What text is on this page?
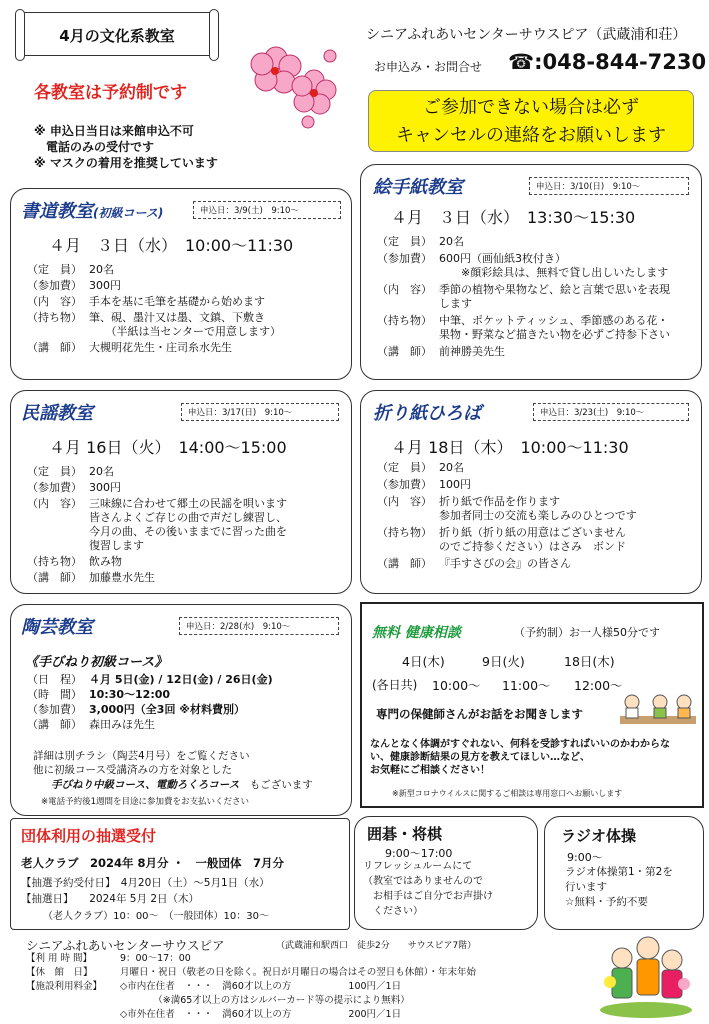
4月の文化系教室	シニアふれあいセンターサウスピア（武蔵浦和荘）
お申込み・お問合せ ☎:048-844-7230
各教室は予約制です
※ 申込日当日は来館申込不可
　電話のみの受付です
※ マスクの着用を推奨しています
ご参加できない場合は必ず
キャンセルの連絡をお願いします
書道教室(初級コース)	申込日：3/9(土)　9:10～
４月　３日（水）　10:00～11:30
（定　員） 20名
（参加費） 300円
（内　容） 手本を基に毛筆を基礎から始めます
（持ち物） 筆、硯、墨汁又は墨、文鎮、下敷き
　　（半紙は当センターで用意します）
（講　師） 大槻明花先生・庄司糸水先生
絵手紙教室	申込日：3/10(日)　9:10～
４月　３日（水）　13:30～15:30
（定　員） 20名
（参加費） 600円（画仙紙3枚付き）
　　※顔彩絵具は、無料で貸し出しいたします
（内　容） 季節の植物や果物など、絵と言葉で思いを表現
します
（持ち物） 中筆、ポケットティッシュ、季節感のある花・
果物・野菜など描きたい物を必ずご持参下さい
（講　師） 前神勝美先生
民謡教室	申込日：3/17(日)　9:10～
４月 16日（火）　14:00～15:00
（定　員） 20名
（参加費） 300円
（内　容） 三味線に合わせて郷土の民謡を唄います
皆さんよくご存じの曲で声だし練習し、
今月の曲、その後いままでに習った曲を
復習します
（持ち物） 飲み物
（講　師） 加藤豊水先生
折り紙ひろば	申込日：3/23(土)　9:10～
４月 18日（木）　10:00～11:30
（定　員） 20名
（参加費） 100円
（内　容） 折り紙で作品を作ります
参加者同士の交流も楽しみのひとつです
（持ち物） 折り紙（折り紙の用意はございません
のでご持参ください）はさみ　ボンド
（講　師） 『手すさびの会』の皆さん
陶芸教室	申込日：2/28(水)　9:10～
《手びねり初級コース》
（日　程） ４月 5日(金) / 12日(金) / 26日(金)
（時　間） 10:30～12:00
（参加費） 3,000円（全3回 ※材料費別）
（講　師） 森田みほ先生
詳細は別チラシ（陶芸4月号）をご覧ください
他に初級コース受講済みの方を対象とした
手びねり中級コース、電動ろくろコース　 もございます
※電話予約後1週間を目途に参加費をお支払いください
無料 健康相談	（予約制）お一人様50分です
4日(木)	9日(火)	18日(木)
(各日共) 10:00～ 11:00～ 12:00～
専門の保健師さんがお話をお聞きします
なんとなく体調がすぐれない、何科を受診すればいいのかわからな
い、健康診断結果の見方を教えてほしい…など、
お気軽にご相談ください！
※新型コロナウイルスに関するご相談は専用窓口へお願いします
団体利用の抽選受付
老人クラブ　2024年 8月分 ・　一般団体　7月分
【抽選予約受付日】　 4月20日（土）～5月1日（水）
【抽選日】　　 2024年 5月 2日（木）
（老人クラブ）10：00～　（一般団体）10：30～
囲碁・将棋
9:00～17:00
リフレッシュルームにて
（教室ではありませんので
　お相手はご自分でお声掛け
　ください）
ラジオ体操
9:00～
ラジオ体操第1・第2を
行います
☆無料・予約不要
シニアふれあいセンターサウスピア	（武蔵浦和駅西口　徒歩2分　　サウスピア7階）
【利 用 時 間】	9：00～17：00
【休　館　日】	月曜日・祝日（敬老の日を除く。祝日が月曜日の場合はその翌日も休館）・年末年始
【施設利用料金】	◇市内在住者　・・・　満60才以上の方　　　　　　100円／1日
　　　　（※満65才以上の方はシルバーカード等の提示により無料）
◇市外在住者　・・・　満60才以上の方　　　　　　200円／1日
